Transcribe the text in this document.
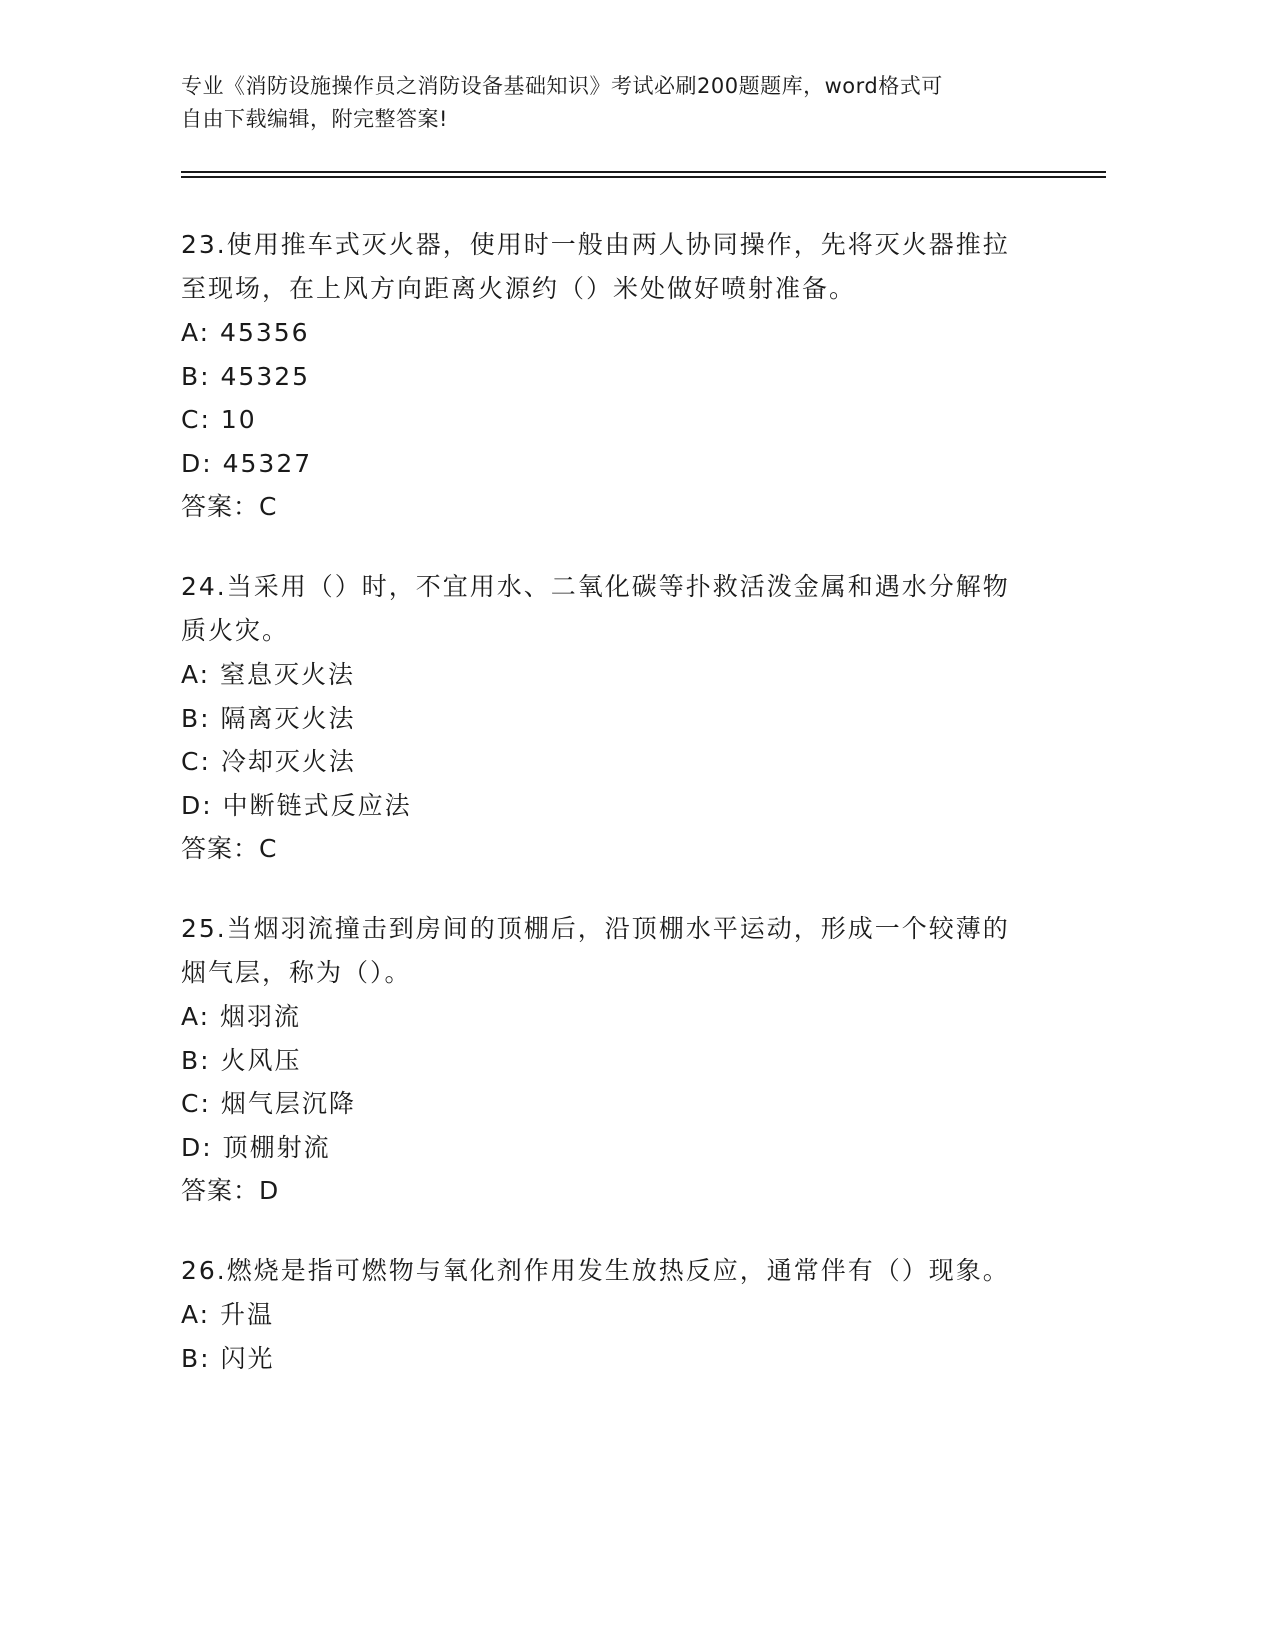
专业《消防设施操作员之消防设备基础知识》考试必刷200题题库，word格式可
自由下载编辑，附完整答案!
23.使用推车式灭火器，使用时一般由两人协同操作，先将灭火器推拉
至现场，在上风方向距离火源约（）米处做好喷射准备。
A: 45356
B: 45325
C: 10
D: 45327
答案：C
24.当采用（）时，不宜用水、二氧化碳等扑救活泼金属和遇水分解物
质火灾。
A: 窒息灭火法
B: 隔离灭火法
C: 冷却灭火法
D: 中断链式反应法
答案：C
25.当烟羽流撞击到房间的顶棚后，沿顶棚水平运动，形成一个较薄的
烟气层，称为（）。
A: 烟羽流
B: 火风压
C: 烟气层沉降
D: 顶棚射流
答案：D
26.燃烧是指可燃物与氧化剂作用发生放热反应，通常伴有（）现象。
A: 升温
B: 闪光
